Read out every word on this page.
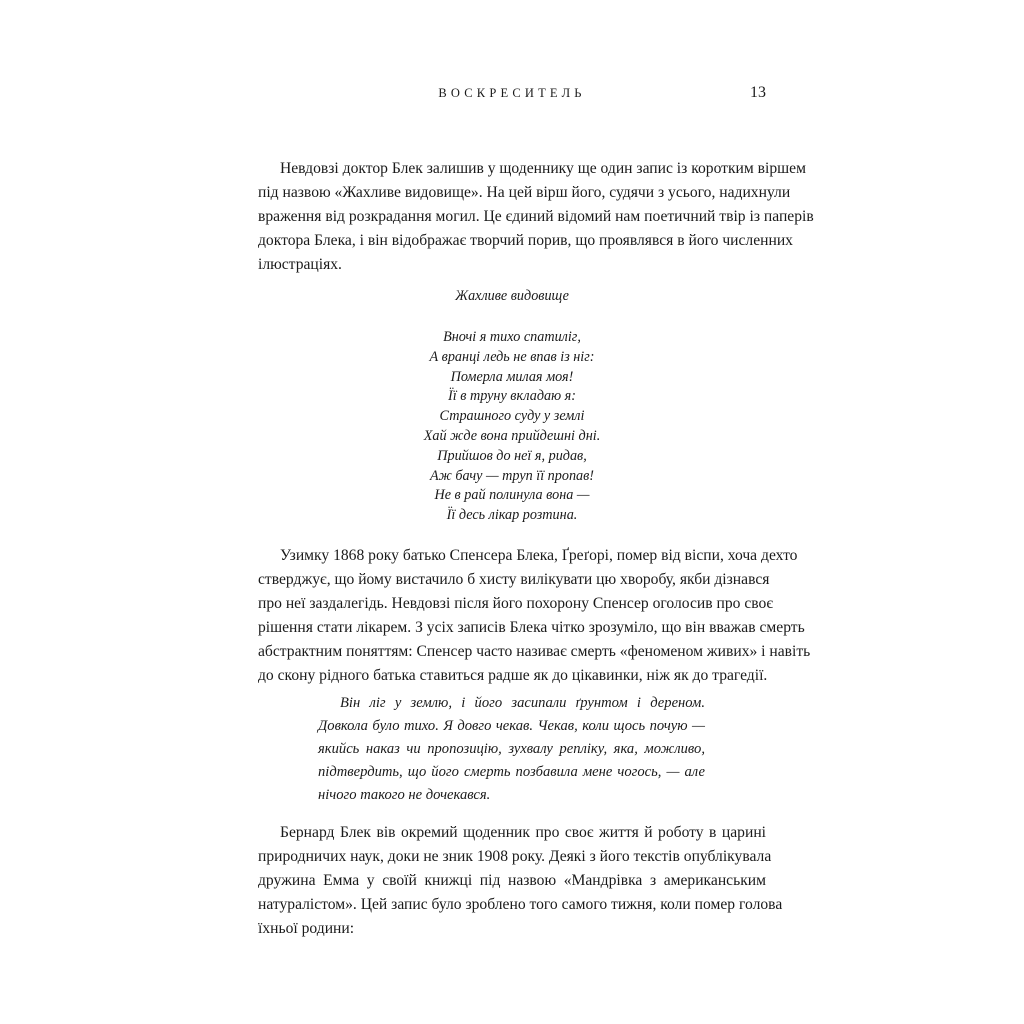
ВОСКРЕСИТЕЛЬ	13
Невдовзі доктор Блек залишив у щоденнику ще один запис із коротким віршем
під назвою «Жахливе видовище». На цей вірш його, судячи з усього, надихнули
враження від розкрадання могил. Це єдиний відомий нам поетичний твір із паперів
доктора Блека, і він відображає творчий порив, що проявлявся в його численних
ілюстраціях.
Жахливе видовище
Вночі я тихо спатиліг,
А вранці ледь не впав із ніг:
Померла милая моя!
Її в труну вкладаю я:
Страшного суду у землі
Хай жде вона прийдешні дні.
Прийшов до неї я, ридав,
Аж бачу — труп її пропав!
Не в рай полинула вона —
Її десь лікар розтина.
Узимку 1868 року батько Спенсера Блека, Ґреґорі, помер від віспи, хоча дехто
стверджує, що йому вистачило б хисту вилікувати цю хворобу, якби дізнався
про неї заздалегідь. Невдовзі після його похорону Спенсер оголосив про своє
рішення стати лікарем. З усіх записів Блека чітко зрозуміло, що він вважав смерть
абстрактним поняттям: Спенсер часто називає смерть «феноменом живих» і навіть
до скону рідного батька ставиться радше як до цікавинки, ніж як до трагедії.
Він ліг у землю, і його засипали ґрунтом і дереном.
Довкола було тихо. Я довго чекав. Чекав, коли щось почую —
якийсь наказ чи пропозицію, зухвалу репліку, яка, можливо,
підтвердить, що його смерть позбавила мене чогось, — але
нічого такого не дочекався.
Бернард Блек вів окремий щоденник про своє життя й роботу в царині
природничих наук, доки не зник 1908 року. Деякі з його текстів опублікувала
дружина Емма у своїй книжці під назвою «Мандрівка з американським
натуралістом». Цей запис було зроблено того самого тижня, коли помер голова
їхньої родини:
